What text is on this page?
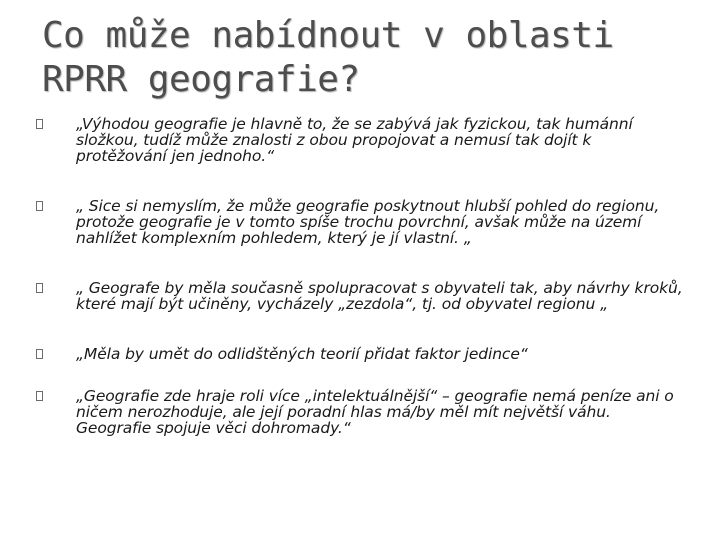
Co může nabídnout v oblasti RPRR geografie?
„Výhodou geografie je hlavně to, že se zabývá jak fyzickou, tak humánní složkou, tudíž může znalosti z obou propojovat a nemusí tak dojít k protěžování jen jednoho.“
„ Sice si nemyslím, že může geografie poskytnout hlubší pohled do regionu, protože geografie je v tomto spíše trochu povrchní, avšak může na území nahlížet komplexním pohledem, který je jí vlastní. „
„ Geografe by měla současně spolupracovat s obyvateli tak, aby návrhy kroků, které mají být učiněny, vycházely „zezdola“, tj. od obyvatel regionu „
„Měla by umět do odlidštěných teorií přidat faktor jedince“
„Geografie zde hraje roli více „intelektuálnější“ – geografie nemá peníze ani o ničem nerozhoduje, ale její poradní hlas má/by měl mít největší váhu. Geografie spojuje věci dohromady.“
